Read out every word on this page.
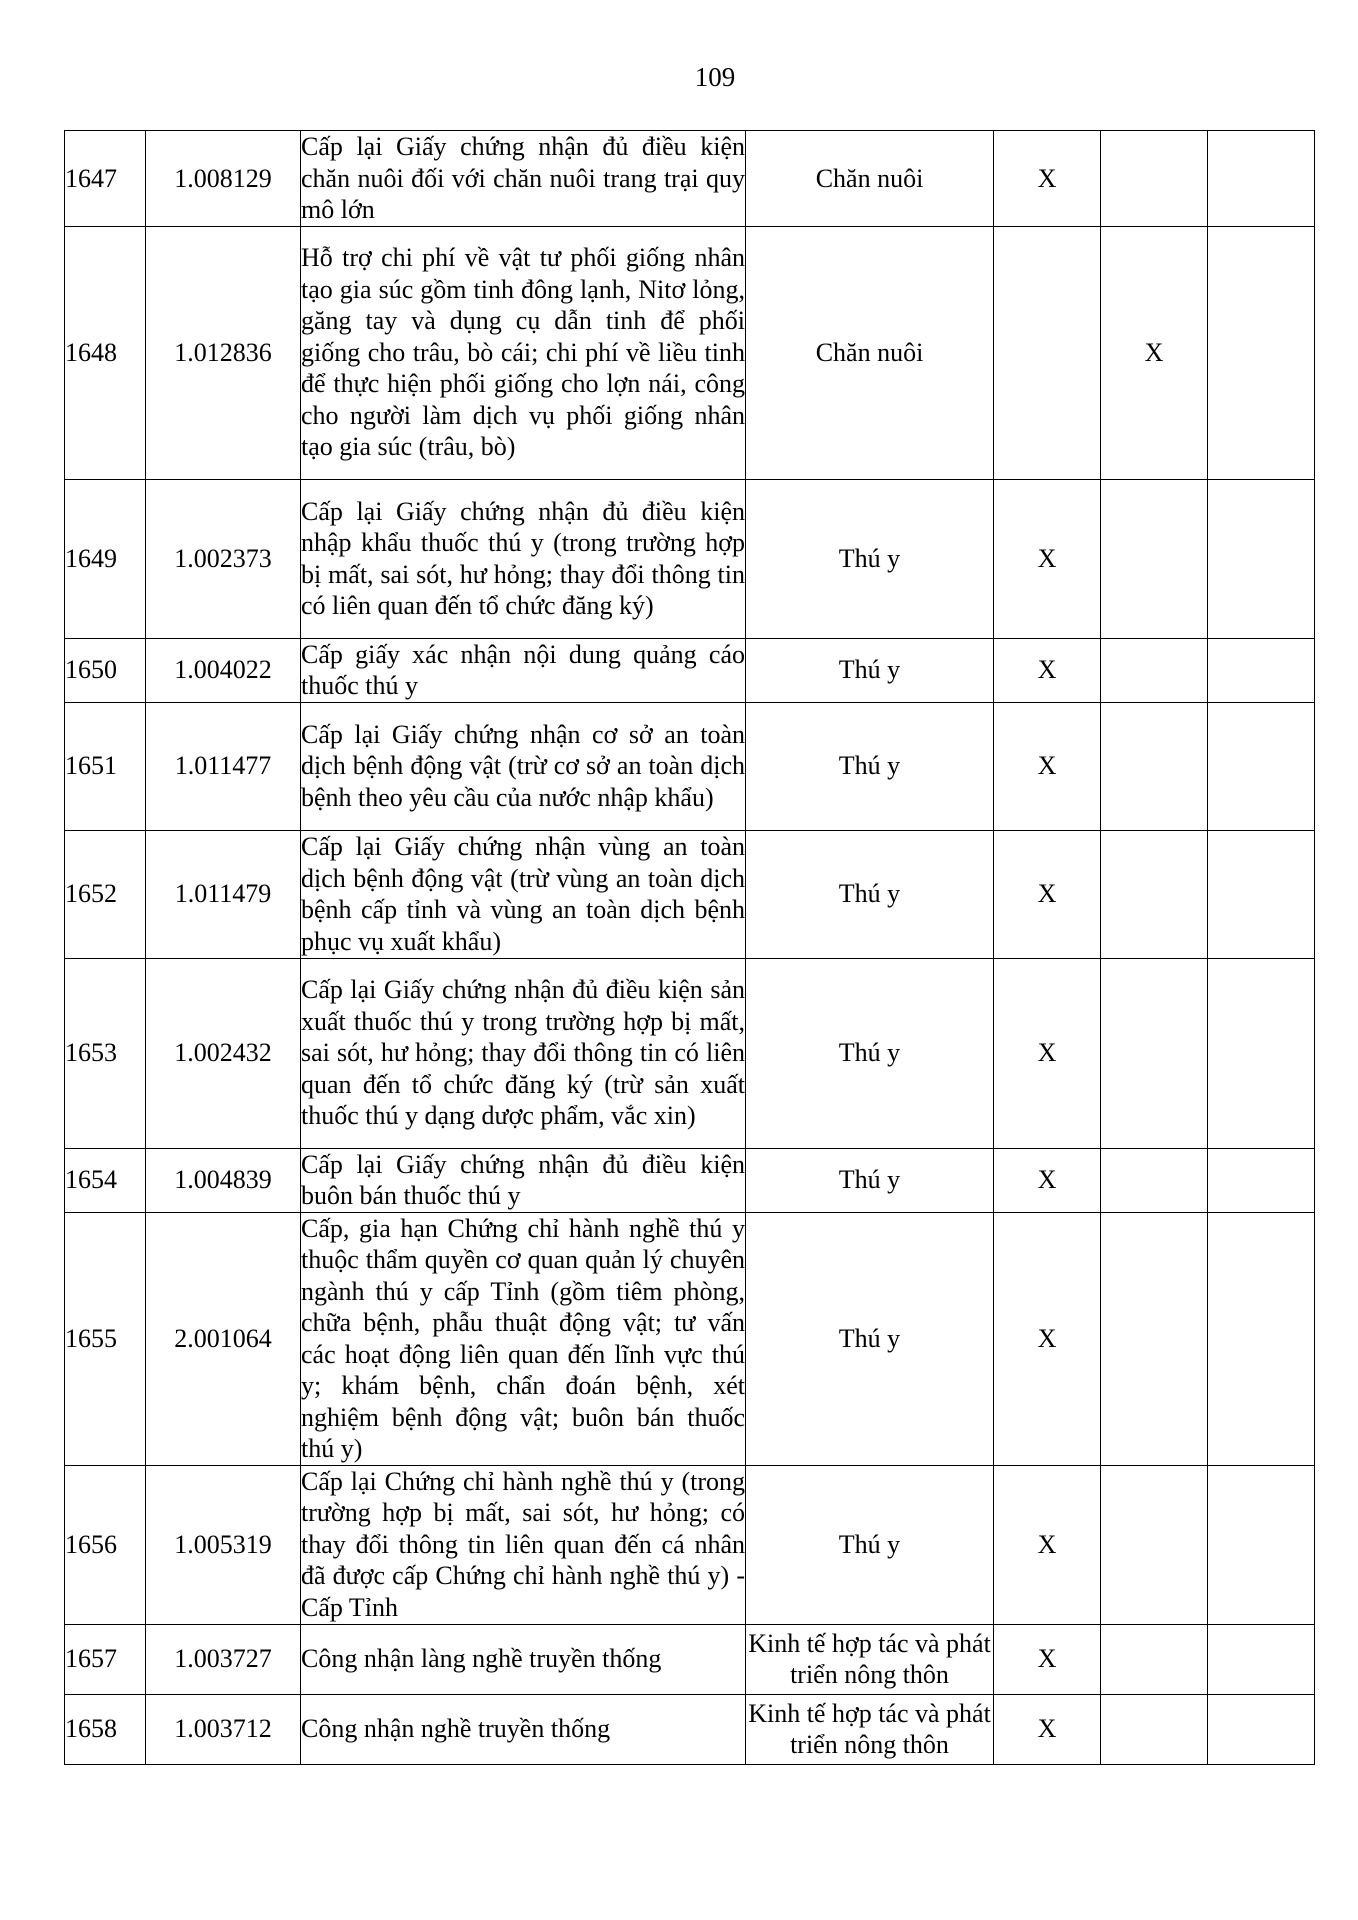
109
1647	1.008129	Cấp lại Giấy chứng nhận đủ điều kiện chăn nuôi đối với chăn nuôi trang trại quy mô lớn	Chăn nuôi	X		
1648	1.012836	Hỗ trợ chi phí về vật tư phối giống nhân tạo gia súc gồm tinh đông lạnh, Nitơ lỏng, găng tay và dụng cụ dẫn tinh để phối giống cho trâu, bò cái; chi phí về liều tinh để thực hiện phối giống cho lợn nái, công cho người làm dịch vụ phối giống nhân tạo gia súc (trâu, bò)	Chăn nuôi		X	
1649	1.002373	Cấp lại Giấy chứng nhận đủ điều kiện nhập khẩu thuốc thú y (trong trường hợp bị mất, sai sót, hư hỏng; thay đổi thông tin có liên quan đến tổ chức đăng ký)	Thú y	X		
1650	1.004022	Cấp giấy xác nhận nội dung quảng cáo thuốc thú y	Thú y	X		
1651	1.011477	Cấp lại Giấy chứng nhận cơ sở an toàn dịch bệnh động vật (trừ cơ sở an toàn dịch bệnh theo yêu cầu của nước nhập khẩu)	Thú y	X		
1652	1.011479	Cấp lại Giấy chứng nhận vùng an toàn dịch bệnh động vật (trừ vùng an toàn dịch bệnh cấp tỉnh và vùng an toàn dịch bệnh phục vụ xuất khẩu)	Thú y	X		
1653	1.002432	Cấp lại Giấy chứng nhận đủ điều kiện sản xuất thuốc thú y trong trường hợp bị mất, sai sót, hư hỏng; thay đổi thông tin có liên quan đến tổ chức đăng ký (trừ sản xuất thuốc thú y dạng dược phẩm, vắc xin)	Thú y	X		
1654	1.004839	Cấp lại Giấy chứng nhận đủ điều kiện buôn bán thuốc thú y	Thú y	X		
1655	2.001064	Cấp, gia hạn Chứng chỉ hành nghề thú y thuộc thẩm quyền cơ quan quản lý chuyên ngành thú y cấp Tỉnh (gồm tiêm phòng, chữa bệnh, phẫu thuật động vật; tư vấn các hoạt động liên quan đến lĩnh vực thú y; khám bệnh, chẩn đoán bệnh, xét nghiệm bệnh động vật; buôn bán thuốc thú y)	Thú y	X		
1656	1.005319	Cấp lại Chứng chỉ hành nghề thú y (trong trường hợp bị mất, sai sót, hư hỏng; có thay đổi thông tin liên quan đến cá nhân đã được cấp Chứng chỉ hành nghề thú y) - Cấp Tỉnh	Thú y	X		
1657	1.003727	Công nhận làng nghề truyền thống	Kinh tế hợp tác và phát triển nông thôn	X		
1658	1.003712	Công nhận nghề truyền thống	Kinh tế hợp tác và phát triển nông thôn	X		
